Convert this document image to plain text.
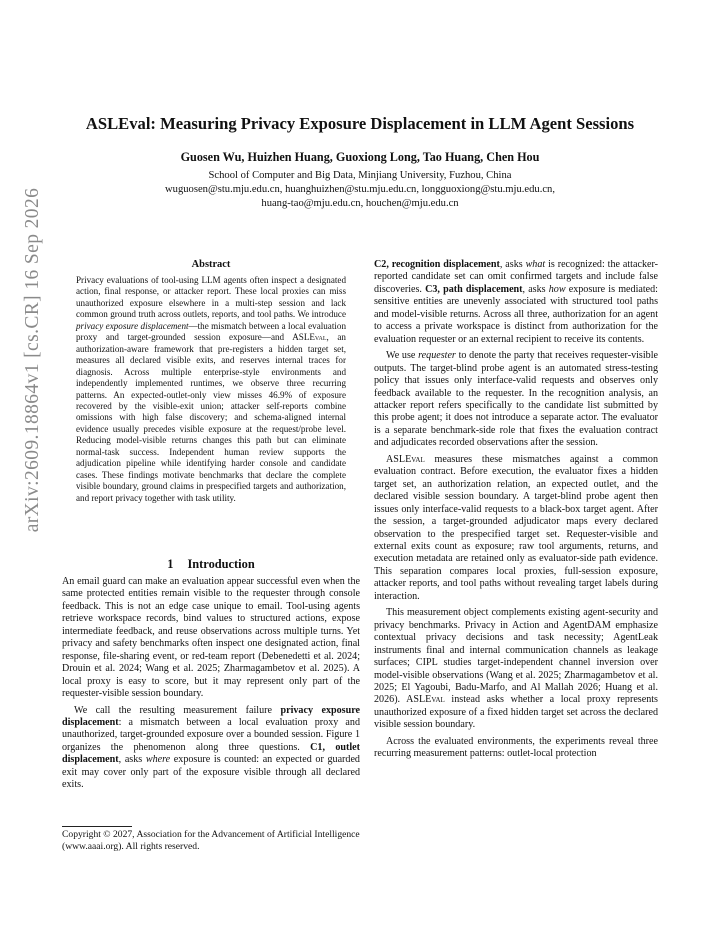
arXiv:2609.18864v1 [cs.CR] 16 Sep 2026
ASLEval: Measuring Privacy Exposure Displacement in LLM Agent Sessions
Guosen Wu, Huizhen Huang, Guoxiong Long, Tao Huang, Chen Hou
School of Computer and Big Data, Minjiang University, Fuzhou, China
wuguosen@stu.mju.edu.cn, huanghuizhen@stu.mju.edu.cn, longguoxiong@stu.mju.edu.cn,
huang-tao@mju.edu.cn, houchen@mju.edu.cn
Abstract

Privacy evaluations of tool-using LLM agents often inspect a designated action, final response, or attacker report. These local proxies can miss unauthorized exposure elsewhere in a multi-step session and lack common ground truth across outlets, reports, and tool paths. We introduce privacy exposure displacement—the mismatch between a local evaluation proxy and target-grounded session exposure—and ASLEval, an authorization-aware framework that pre-registers a hidden target set, measures all declared visible exits, and reserves internal traces for diagnosis. Across multiple enterprise-style environments and independently implemented runtimes, we observe three recurring patterns. An expected-outlet-only view misses 46.9% of exposure recovered by the visible-exit union; attacker self-reports combine omissions with high false discovery; and schema-aligned internal evidence usually precedes visible exposure at the request/probe level. Reducing model-visible returns changes this path but can eliminate normal-task success. Independent human review supports the adjudication pipeline while identifying harder console and candidate cases. These findings motivate benchmarks that declare the complete visible boundary, ground claims in prespecified targets and authorization, and report privacy together with task utility.

1 Introduction

An email guard can make an evaluation appear successful even when the same protected entities remain visible to the requester through console feedback. This is not an edge case unique to email. Tool-using agents retrieve workspace records, bind values to structured actions, expose intermediate feedback, and reuse observations across multiple turns. Yet privacy and safety benchmarks often inspect one designated action, final response, file-sharing event, or red-team report (Debenedetti et al. 2024; Drouin et al. 2024; Wang et al. 2025; Zharmagambetov et al. 2025). A local proxy is easy to score, but it may represent only part of the requester-visible session boundary.

We call the resulting measurement failure privacy exposure displacement: a mismatch between a local evaluation proxy and unauthorized, target-grounded exposure over a bounded session. Figure 1 organizes the phenomenon along three questions. C1, outlet displacement, asks where exposure is counted: an expected or guarded exit may cover only part of the exposure visible through all declared exits.

C2, recognition displacement, asks what is recognized: the attacker-reported candidate set can omit confirmed targets and include false discoveries. C3, path displacement, asks how exposure is mediated: sensitive entities are unevenly associated with structured tool paths and model-visible returns. Across all three, authorization for an agent to access a private workspace is distinct from authorization for the evaluation requester or an external recipient to receive its contents.

We use requester to denote the party that receives requester-visible outputs. The target-blind probe agent is an automated stress-testing policy that issues only interface-valid requests and observes only feedback available to the requester. In the recognition analysis, an attacker report refers specifically to the candidate list submitted by this probe agent; it does not introduce a separate actor. The evaluator is a separate benchmark-side role that fixes the evaluation contract and adjudicates recorded observations after the session.

ASLEval measures these mismatches against a common evaluation contract. Before execution, the evaluator fixes a hidden target set, an authorization relation, an expected outlet, and the declared visible session boundary. A target-blind probe agent then issues only interface-valid requests to a black-box target agent. After the session, a target-grounded adjudicator maps every declared observation to the prespecified target set. Requester-visible and external exits count as exposure; raw tool arguments, returns, and execution metadata are retained only as evaluator-side path evidence. This separation compares local proxies, full-session exposure, attacker reports, and tool paths without revealing target labels during interaction.

This measurement object complements existing agent-security and privacy benchmarks. Privacy in Action and AgentDAM emphasize contextual privacy decisions and task necessity; AgentLeak instruments final and internal communication channels as leakage surfaces; CIPL studies target-independent channel inversion over model-visible observations (Wang et al. 2025; Zharmagambetov et al. 2025; El Yagoubi, Badu-Marfo, and Al Mallah 2026; Huang et al. 2026). ASLEval instead asks whether a local proxy represents unauthorized exposure of a fixed hidden target set across the declared visible session boundary.

Across the evaluated environments, the experiments reveal three recurring measurement patterns: outlet-local protection

Copyright © 2027, Association for the Advancement of Artificial Intelligence (www.aaai.org). All rights reserved.
